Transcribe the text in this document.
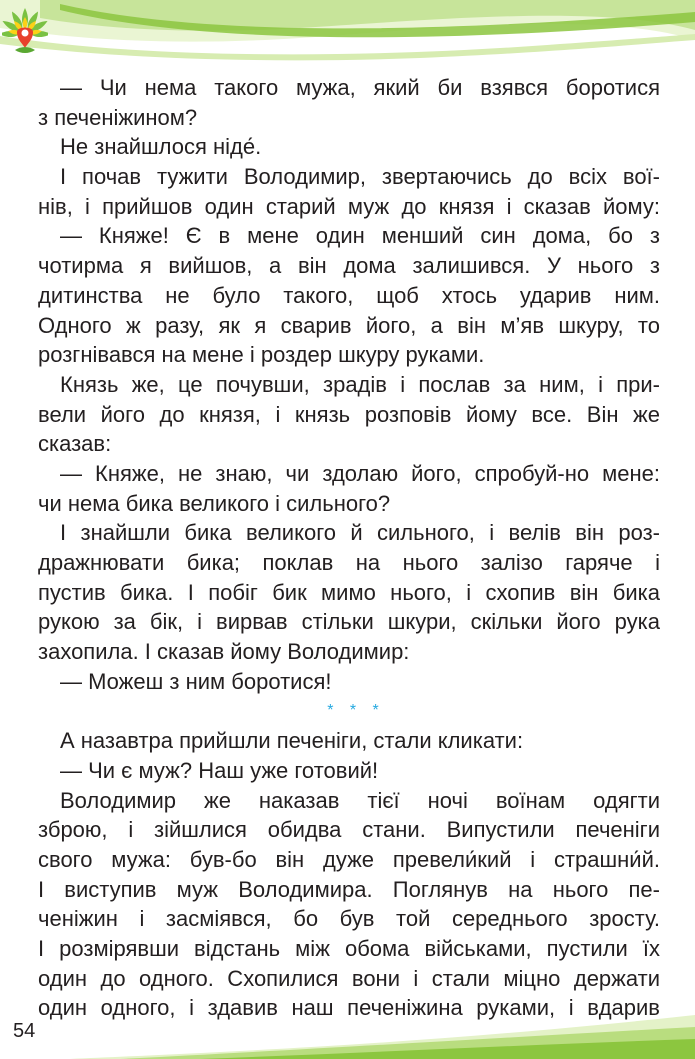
— Чи нема такого мужа, який би взявся боротися
з печеніжином?
Не знайшлося ніде́.
І почав тужити Володимир, звертаючись до всіх вої-
нів, і прийшов один старий муж до князя і сказав йому:
— Княже! Є в мене один менший син дома, бо з
чотирма я вийшов, а він дома залишився. У нього з
дитинства не було такого, щоб хтось ударив ним.
Одного ж разу, як я сварив його, а він м’яв шкуру, то
розгнівався на мене і роздер шкуру руками.
Князь же, це почувши, зрадів і послав за ним, і при-
вели його до князя, і князь розповів йому все. Він же
сказав:
— Княже, не знаю, чи здолаю його, спробуй-но мене:
чи нема бика великого і сильного?
І знайшли бика великого й сильного, і велів він роз-
дражнювати бика; поклав на нього залізо гаряче і
пустив бика. І побіг бик мимо нього, і схопив він бика
рукою за бік, і вирвав стільки шкури, скільки його рука
захопила. І сказав йому Володимир:
— Можеш з ним боротися!
* * *
А назавтра прийшли печеніги, стали кликати:
— Чи є муж? Наш уже готовий!
Володимир же наказав тієї ночі воїнам одягти
зброю, і зійшлися обидва стани. Випустили печеніги
свого мужа: був-бо він дуже превели́кий і страшни́й.
І виступив муж Володимира. Поглянув на нього пе-
ченіжин і засміявся, бо був той середнього зросту.
І розмірявши відстань між обома військами, пустили їх
один до одного. Схопилися вони і стали міцно держати
один одного, і здавив наш печеніжина руками, і вдарив
54
